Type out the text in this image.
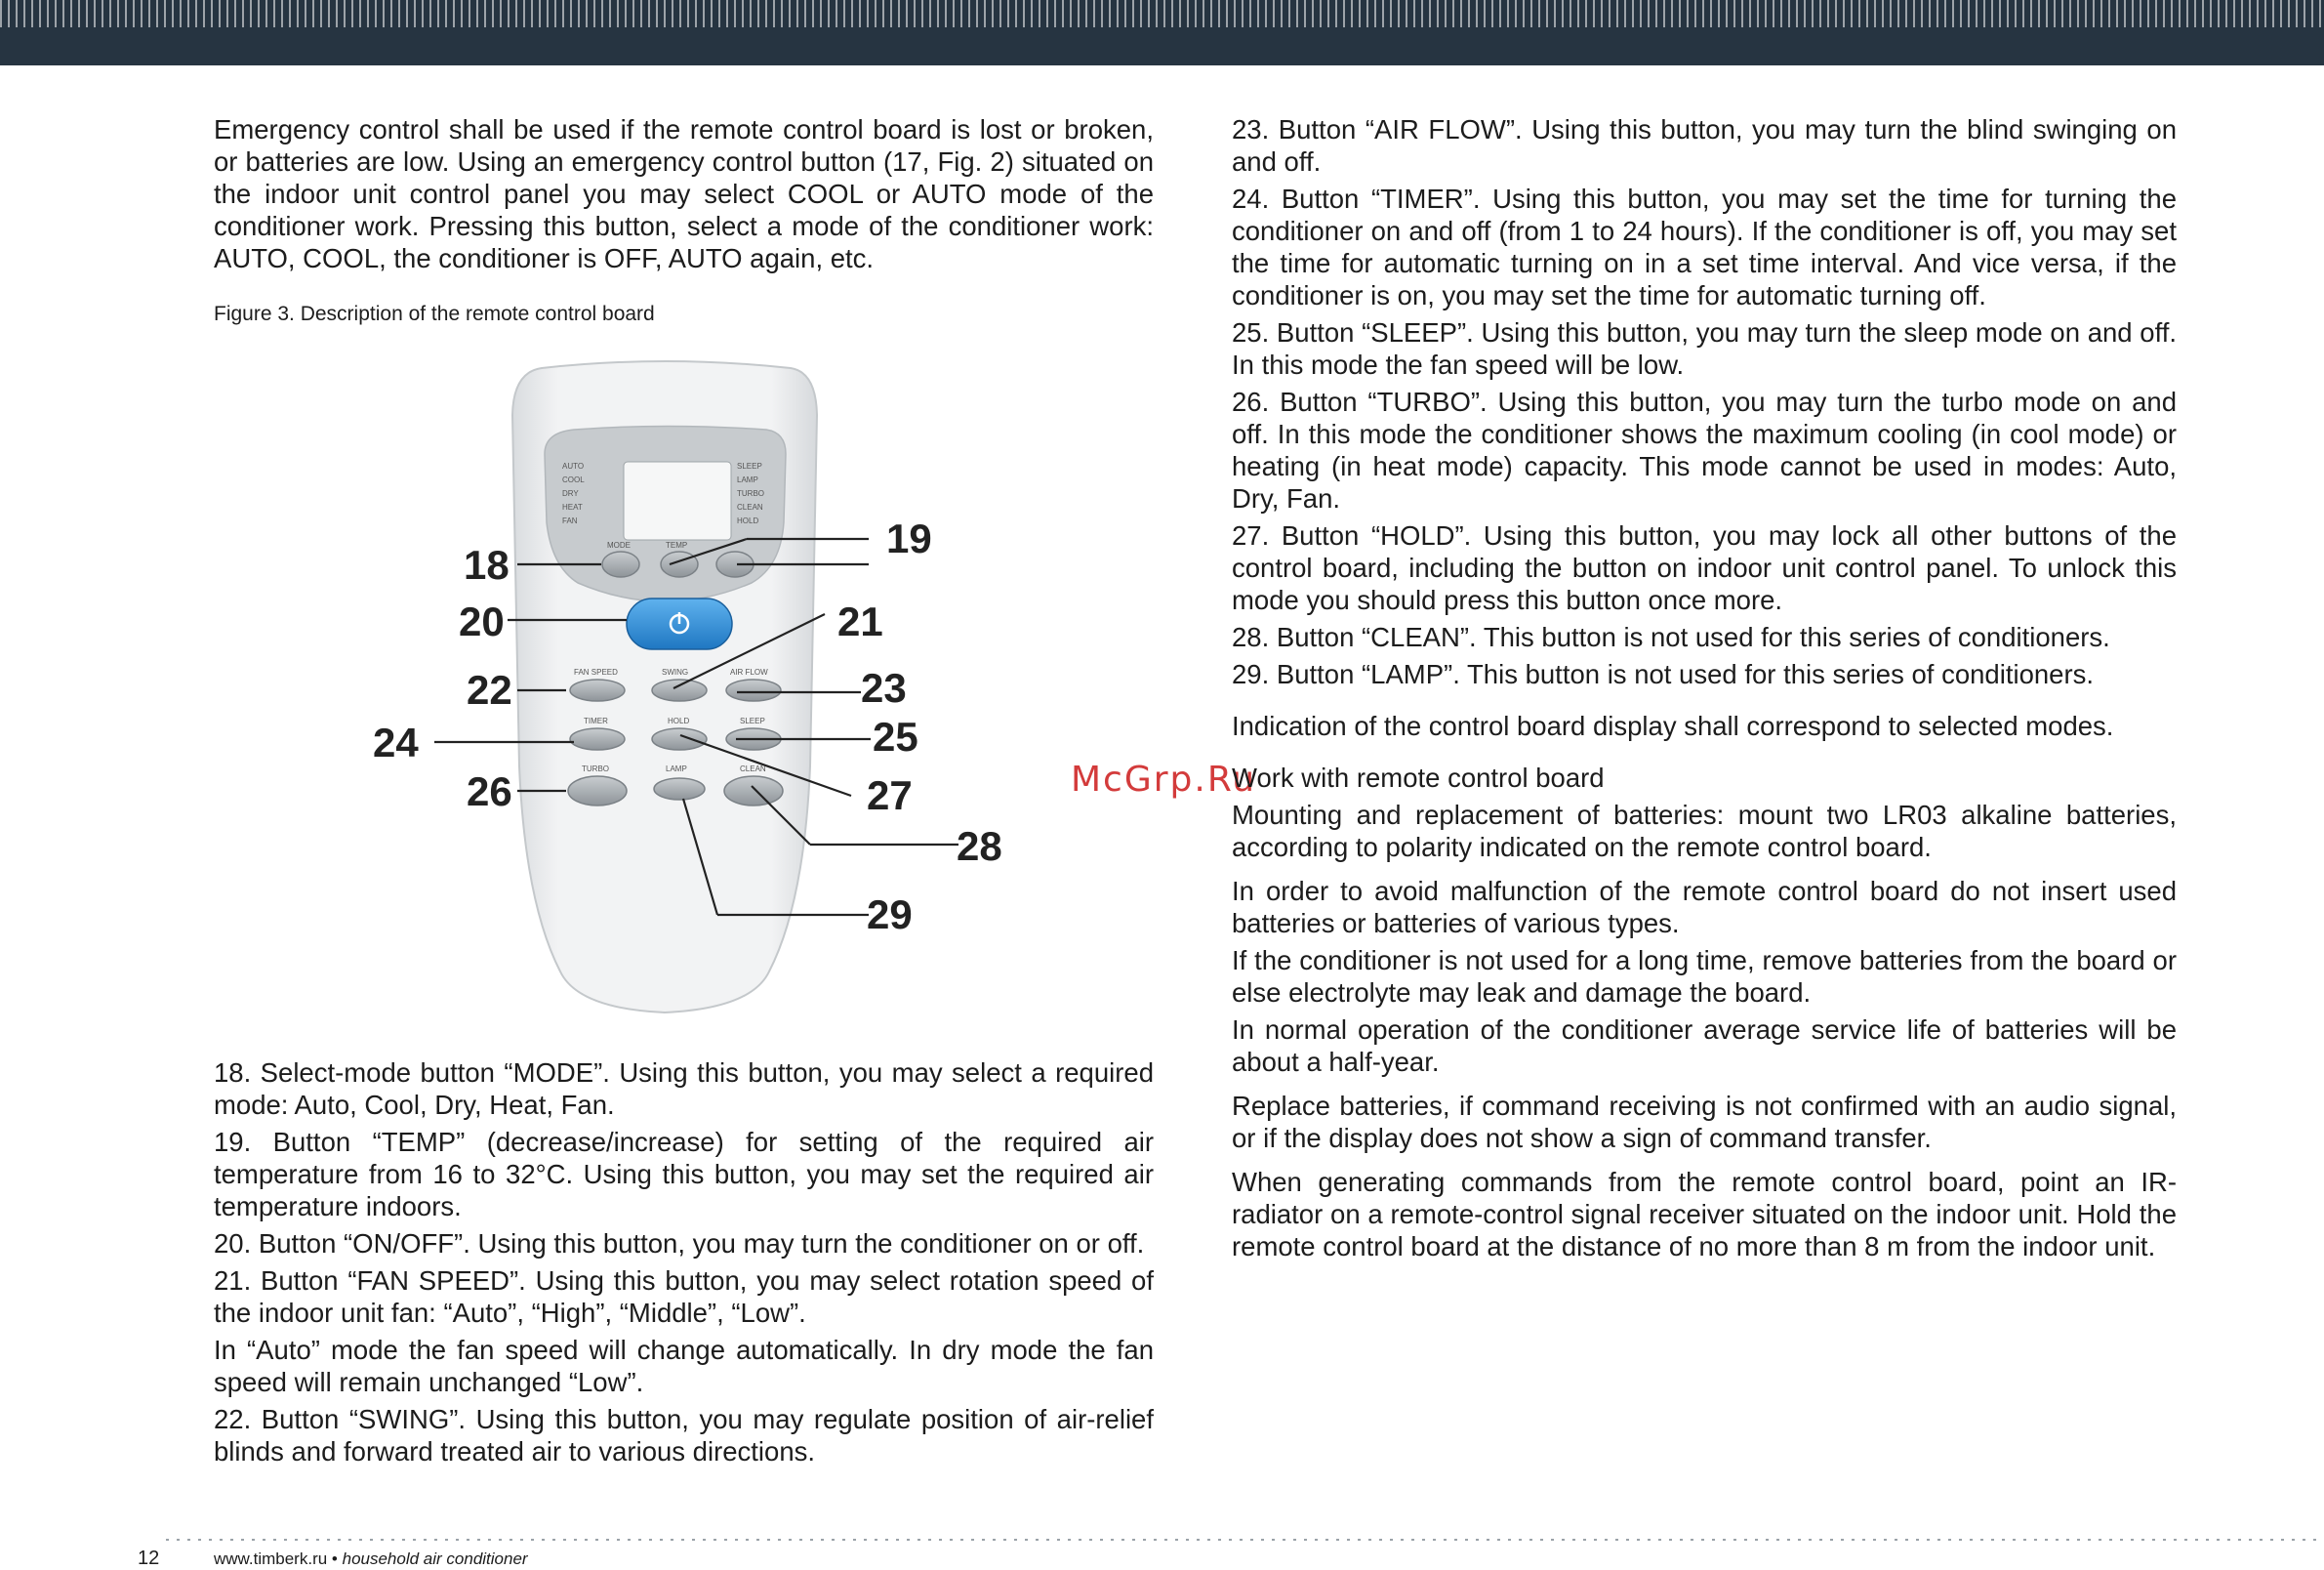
Emergency control shall be used if the remote control board is lost or broken, or batteries are low. Using an emergency control button (17, Fig. 2) situated on the indoor unit control panel you may select COOL or AUTO mode of the conditioner work. Pressing this button, select a mode of the conditioner work: AUTO, COOL, the conditioner is OFF, AUTO again, etc.

Figure 3. Description of the remote control board
AUTO
COOL
DRY
HEAT
FAN
SLEEP
LAMP
TURBO
CLEAN
HOLD
MODE	TEMP
FAN SPEED	SWING	AIR FLOW
TIMER	HOLD	SLEEP
TURBO	LAMP	CLEAN
18
19
20	21
22	23
24	25
26	27
28
29
McGrp.Ru

18. Select-mode button “MODE”. Using this button, you may select a required mode: Auto, Cool, Dry, Heat, Fan.

19. Button “TEMP” (decrease/increase) for setting of the required air temperature from 16 to 32°C. Using this button, you may set the required air temperature indoors.

20. Button “ON/OFF”. Using this button, you may turn the conditioner on or off.

21. Button “FAN SPEED”. Using this button, you may select rotation speed of the indoor unit fan: “Auto”, “High”, “Middle”, “Low”.

In “Auto” mode the fan speed will change automatically. In dry mode the fan speed will remain unchanged “Low”.

22. Button “SWING”. Using this button, you may regulate position of air-relief blinds and forward treated air to various directions.

23. Button “AIR FLOW”. Using this button, you may turn the blind swinging on and off.

24. Button “TIMER”. Using this button, you may set the time for turning the conditioner on and off (from 1 to 24 hours). If the conditioner is off, you may set the time for automatic turning on in a set time interval. And vice versa, if the conditioner is on, you may set the time for automatic turning off.

25. Button “SLEEP”. Using this button, you may turn the sleep mode on and off. In this mode the fan speed will be low.

26. Button “TURBO”. Using this button, you may turn the turbo mode on and off. In this mode the conditioner shows the maximum cooling (in cool mode) or heating (in heat mode) capacity. This mode cannot be used in modes: Auto, Dry, Fan.

27. Button “HOLD”. Using this button, you may lock all other buttons of the control board, including the button on indoor unit control panel. To unlock this mode you should press this button once more.

28. Button “CLEAN”. This button is not used for this series of conditioners.

29. Button “LAMP”. This button is not used for this series of conditioners.

Indication of the control board display shall correspond to selected modes.

Work with remote control board

Mounting and replacement of batteries: mount two LR03 alkaline batteries, according to polarity indicated on the remote control board.

In order to avoid malfunction of the remote control board do not insert used batteries or batteries of various types.

If the conditioner is not used for a long time, remove batteries from the board or else electrolyte may leak and damage the board.

In normal operation of the conditioner average service life of batteries will be about a half-year.

Replace batteries, if command receiving is not confirmed with an audio signal, or if the display does not show a sign of command transfer.

When generating commands from the remote control board, point an IR-radiator on a remote-control signal receiver situated on the indoor unit. Hold the remote control board at the distance of no more than 8 m from the indoor unit.

12	www.timberk.ru • household air conditioner
